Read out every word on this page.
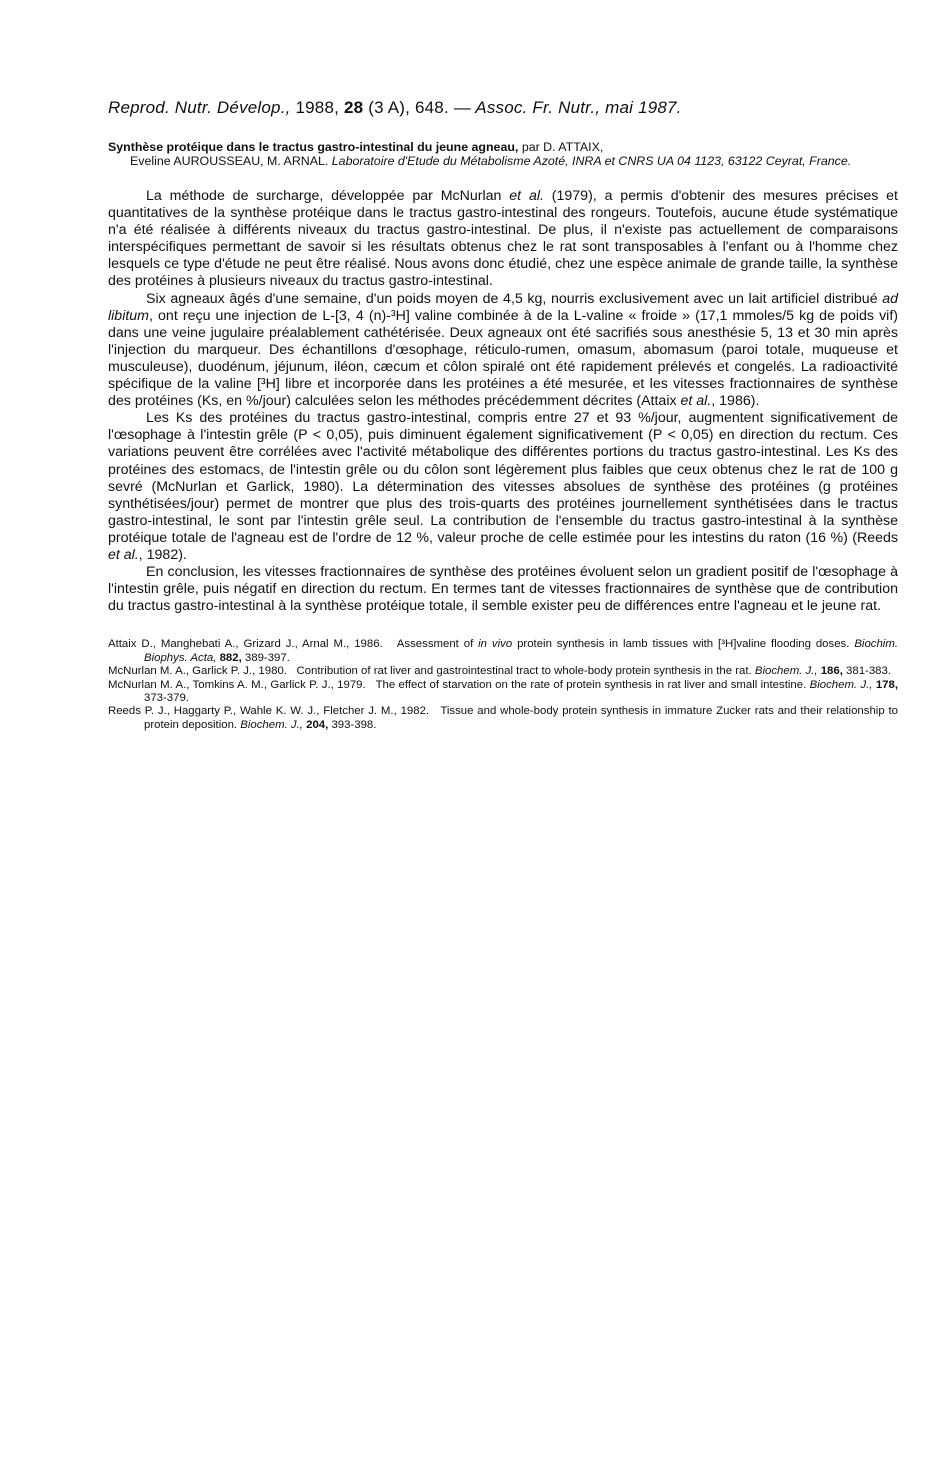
Reprod. Nutr. Dévelop., 1988, 28 (3 A), 648. — Assoc. Fr. Nutr., mai 1987.
Synthèse protéique dans le tractus gastro-intestinal du jeune agneau, par D. ATTAIX,
Eveline AUROUSSEAU, M. ARNAL. Laboratoire d'Etude du Métabolisme Azoté, INRA et CNRS UA 04 1123, 63122 Ceyrat, France.

La méthode de surcharge, développée par McNurlan et al. (1979), a permis d'obtenir des mesures précises et quantitatives de la synthèse protéique dans le tractus gastro-intestinal des rongeurs. Toutefois, aucune étude systématique n'a été réalisée à différents niveaux du tractus gastro-intestinal. De plus, il n'existe pas actuellement de comparaisons interspécifiques permettant de savoir si les résultats obtenus chez le rat sont transposables à l'enfant ou à l'homme chez lesquels ce type d'étude ne peut être réalisé. Nous avons donc étudié, chez une espèce animale de grande taille, la synthèse des protéines à plusieurs niveaux du tractus gastro-intestinal.

Six agneaux âgés d'une semaine, d'un poids moyen de 4,5 kg, nourris exclusivement avec un lait artificiel distribué ad libitum, ont reçu une injection de L-[3, 4 (n)-³H] valine combinée à de la L-valine « froide » (17,1 mmoles/5 kg de poids vif) dans une veine jugulaire préalablement cathétérisée. Deux agneaux ont été sacrifiés sous anesthésie 5, 13 et 30 min après l'injection du marqueur. Des échantillons d'œsophage, réticulo-rumen, omasum, abomasum (paroi totale, muqueuse et musculeuse), duodénum, jéjunum, iléon, cæcum et côlon spiralé ont été rapidement prélevés et congelés. La radioactivité spécifique de la valine [³H] libre et incorporée dans les protéines a été mesurée, et les vitesses fractionnaires de synthèse des protéines (Ks, en %/jour) calculées selon les méthodes précédemment décrites (Attaix et al., 1986).

Les Ks des protéines du tractus gastro-intestinal, compris entre 27 et 93 %/jour, augmentent significativement de l'œsophage à l'intestin grêle (P < 0,05), puis diminuent également significativement (P < 0,05) en direction du rectum. Ces variations peuvent être corrélées avec l'activité métabolique des différentes portions du tractus gastro-intestinal. Les Ks des protéines des estomacs, de l'intestin grêle ou du côlon sont légèrement plus faibles que ceux obtenus chez le rat de 100 g sevré (McNurlan et Garlick, 1980). La détermination des vitesses absolues de synthèse des protéines (g protéines synthétisées/jour) permet de montrer que plus des trois-quarts des protéines journellement synthétisées dans le tractus gastro-intestinal, le sont par l'intestin grêle seul. La contribution de l'ensemble du tractus gastro-intestinal à la synthèse protéique totale de l'agneau est de l'ordre de 12 %, valeur proche de celle estimée pour les intestins du raton (16 %) (Reeds et al., 1982).

En conclusion, les vitesses fractionnaires de synthèse des protéines évoluent selon un gradient positif de l'œsophage à l'intestin grêle, puis négatif en direction du rectum. En termes tant de vitesses fractionnaires de synthèse que de contribution du tractus gastro-intestinal à la synthèse protéique totale, il semble exister peu de différences entre l'agneau et le jeune rat.

Attaix D., Manghebati A., Grizard J., Arnal M., 1986. Assessment of in vivo protein synthesis in lamb tissues with [³H]valine flooding doses. Biochim. Biophys. Acta, 882, 389-397.
McNurlan M. A., Garlick P. J., 1980. Contribution of rat liver and gastrointestinal tract to whole-body protein synthesis in the rat. Biochem. J., 186, 381-383.
McNurlan M. A., Tomkins A. M., Garlick P. J., 1979. The effect of starvation on the rate of protein synthesis in rat liver and small intestine. Biochem. J., 178, 373-379.
Reeds P. J., Haggarty P., Wahle K. W. J., Fletcher J. M., 1982. Tissue and whole-body protein synthesis in immature Zucker rats and their relationship to protein deposition. Biochem. J., 204, 393-398.
